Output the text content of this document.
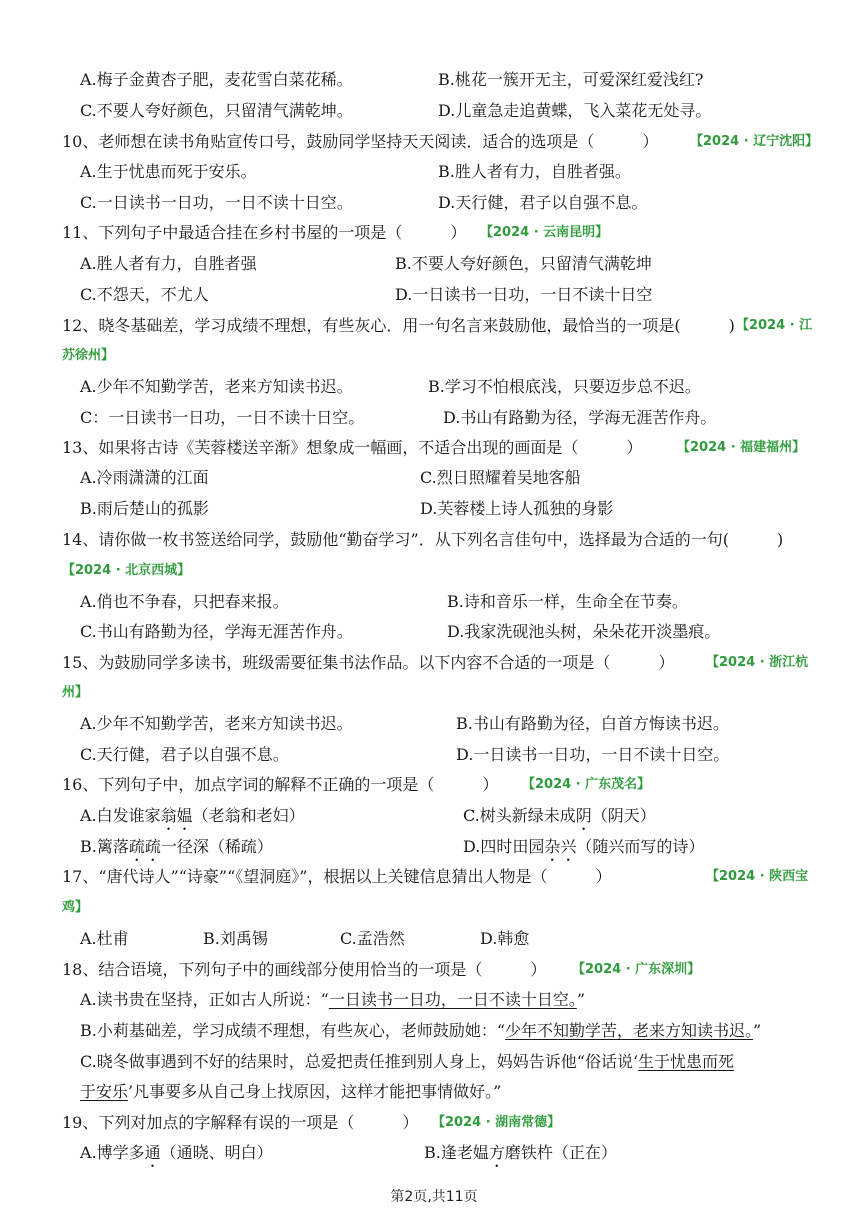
A.梅子金黄杏子肥，麦花雪白菜花稀。	B.桃花一簇开无主，可爱深红爱浅红?
C.不要人夸好颜色，只留清气满乾坤。	D.儿童急走追黄蝶，飞入菜花无处寻。
10、老师想在读书角贴宣传口号，鼓励同学坚持天天阅读．适合的选项是（　　　） 【2024 · 辽宁沈阳】
A.生于忧患而死于安乐。	B.胜人者有力，自胜者强。
C.一日读书一日功，一日不读十日空。	D.天行健，君子以自强不息。
11、下列句子中最适合挂在乡村书屋的一项是（　　　） 【2024 · 云南昆明】
A.胜人者有力，自胜者强	B.不要人夸好颜色，只留清气满乾坤
C.不怨天，不尤人	D.一日读书一日功，一日不读十日空
12、晓冬基础差，学习成绩不理想，有些灰心．用一句名言来鼓励他，最恰当的一项是(　　　) 【2024 · 江
苏徐州】
A.少年不知勤学苦，老来方知读书迟。	B.学习不怕根底浅，只要迈步总不迟。
C：一日读书一日功，一日不读十日空。	D.书山有路勤为径，学海无涯苦作舟。
13、如果将古诗《芙蓉楼送辛渐》想象成一幅画，不适合出现的画面是（　　　）	【2024 · 福建福州】
A.冷雨潇潇的江面	C.烈日照耀着吴地客船
B.雨后楚山的孤影	D.芙蓉楼上诗人孤独的身影
14、请你做一枚书签送给同学，鼓励他“勤奋学习”．从下列名言佳句中，选择最为合适的一句(　　　)
【2024 · 北京西城】
A.俏也不争春，只把春来报。	B.诗和音乐一样，生命全在节奏。
C.书山有路勤为径，学海无涯苦作舟。	D.我家洗砚池头树，朵朵花开淡墨痕。
15、为鼓励同学多读书，班级需要征集书法作品。以下内容不合适的一项是（　　　） 【2024 · 浙江杭
州】
A.少年不知勤学苦，老来方知读书迟。	B.书山有路勤为径，白首方悔读书迟。
C.天行健，君子以自强不息。	D.一日读书一日功，一日不读十日空。
16、下列句子中，加点字词的解释不正确的一项是（　　　） 【2024 · 广东茂名】
A.白发谁家翁媪（老翁和老妇）	C.树头新绿未成阴（阴天）
B.篱落疏疏一径深（稀疏）	D.四时田园杂兴（随兴而写的诗）
17、“唐代诗人”“诗豪”“《望洞庭》”，根据以上关键信息猜出人物是（　　　）	【2024 · 陕西宝
鸡】
A.杜甫	B.刘禹锡	C.孟浩然	D.韩愈
18、结合语境，下列句子中的画线部分使用恰当的一项是（　　　） 【2024 · 广东深圳】
A.读书贵在坚持，正如古人所说：“一日读书一日功，一日不读十日空。”
B.小莉基础差，学习成绩不理想，有些灰心，老师鼓励她：“少年不知勤学苦，老来方知读书迟。”
C.晓冬做事遇到不好的结果时，总爱把责任推到别人身上，妈妈告诉他“俗话说‘生于忧患而死
于安乐’凡事要多从自己身上找原因，这样才能把事情做好。”
19、下列对加点的字解释有误的一项是（　　　） 【2024 · 湖南常德】
A.博学多通（通晓、明白）	B.逢老媪方磨铁杵（正在）
第2页,共11页
